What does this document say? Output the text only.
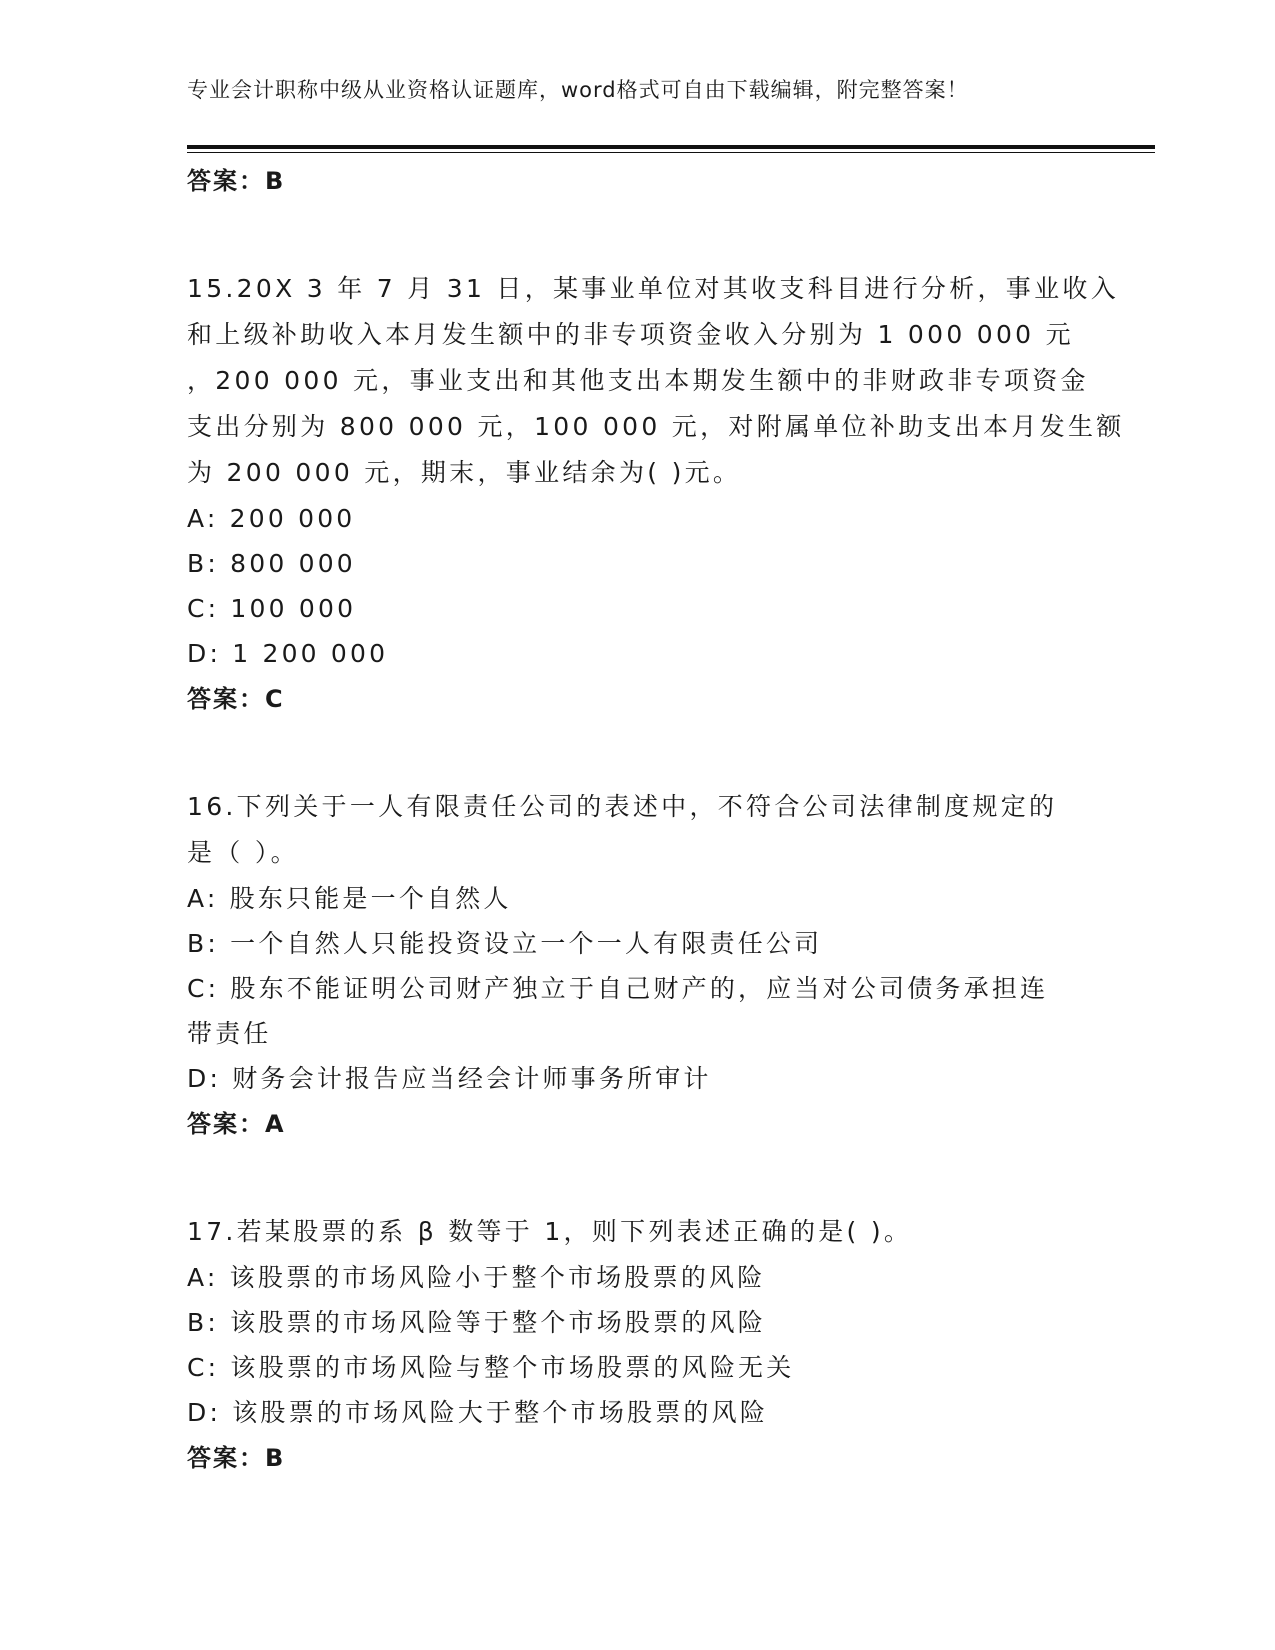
专业会计职称中级从业资格认证题库，word格式可自由下载编辑，附完整答案！
答案：B
15.20X 3 年 7 月 31 日，某事业单位对其收支科目进行分析，事业收入
和上级补助收入本月发生额中的非专项资金收入分别为 1 000 000 元
，200 000 元，事业支出和其他支出本期发生额中的非财政非专项资金
支出分别为 800 000 元，100 000 元，对附属单位补助支出本月发生额
为 200 000 元，期末，事业结余为( )元。
A: 200 000
B: 800 000
C: 100 000
D: 1 200 000
答案：C
16.下列关于一人有限责任公司的表述中，不符合公司法律制度规定的
是（ ）。
A: 股东只能是一个自然人
B: 一个自然人只能投资设立一个一人有限责任公司
C: 股东不能证明公司财产独立于自己财产的，应当对公司债务承担连
带责任
D: 财务会计报告应当经会计师事务所审计
答案：A
17.若某股票的系 β 数等于 1，则下列表述正确的是( )。
A: 该股票的市场风险小于整个市场股票的风险
B: 该股票的市场风险等于整个市场股票的风险
C: 该股票的市场风险与整个市场股票的风险无关
D: 该股票的市场风险大于整个市场股票的风险
答案：B
